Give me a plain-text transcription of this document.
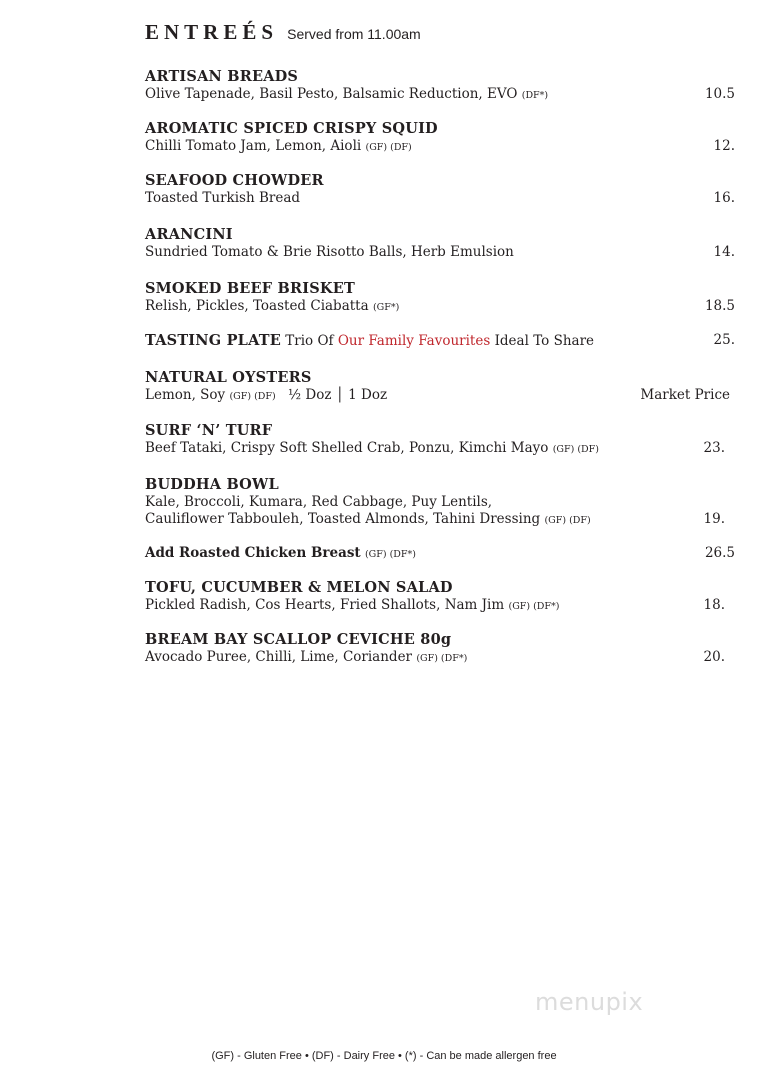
ENTREÉS Served from 11.00am
ARTISAN BREADS
Olive Tapenade, Basil Pesto, Balsamic Reduction, EVO (DF*)	10.5
AROMATIC SPICED CRISPY SQUID
Chilli Tomato Jam, Lemon, Aioli (GF) (DF)	12.
SEAFOOD CHOWDER
Toasted Turkish Bread	16.
ARANCINI
Sundried Tomato & Brie Risotto Balls, Herb Emulsion	14.
SMOKED BEEF BRISKET
Relish, Pickles, Toasted Ciabatta (GF*)	18.5
TASTING PLATE Trio Of Our Family Favourites Ideal To Share	25.
NATURAL OYSTERS
Lemon, Soy (GF) (DF) ½ Doz │ 1 Doz	Market Price
SURF ‘N’ TURF
Beef Tataki, Crispy Soft Shelled Crab, Ponzu, Kimchi Mayo (GF) (DF)	23.
BUDDHA BOWL
Kale, Broccoli, Kumara, Red Cabbage, Puy Lentils,
Cauliflower Tabbouleh, Toasted Almonds, Tahini Dressing (GF) (DF)	19.
Add Roasted Chicken Breast (GF) (DF*)	26.5
TOFU, CUCUMBER & MELON SALAD
Pickled Radish, Cos Hearts, Fried Shallots, Nam Jim (GF) (DF*)	18.
BREAM BAY SCALLOP CEVICHE 80g
Avocado Puree, Chilli, Lime, Coriander (GF) (DF*)	20.
menupix
(GF) - Gluten Free • (DF) - Dairy Free • (*) - Can be made allergen free
